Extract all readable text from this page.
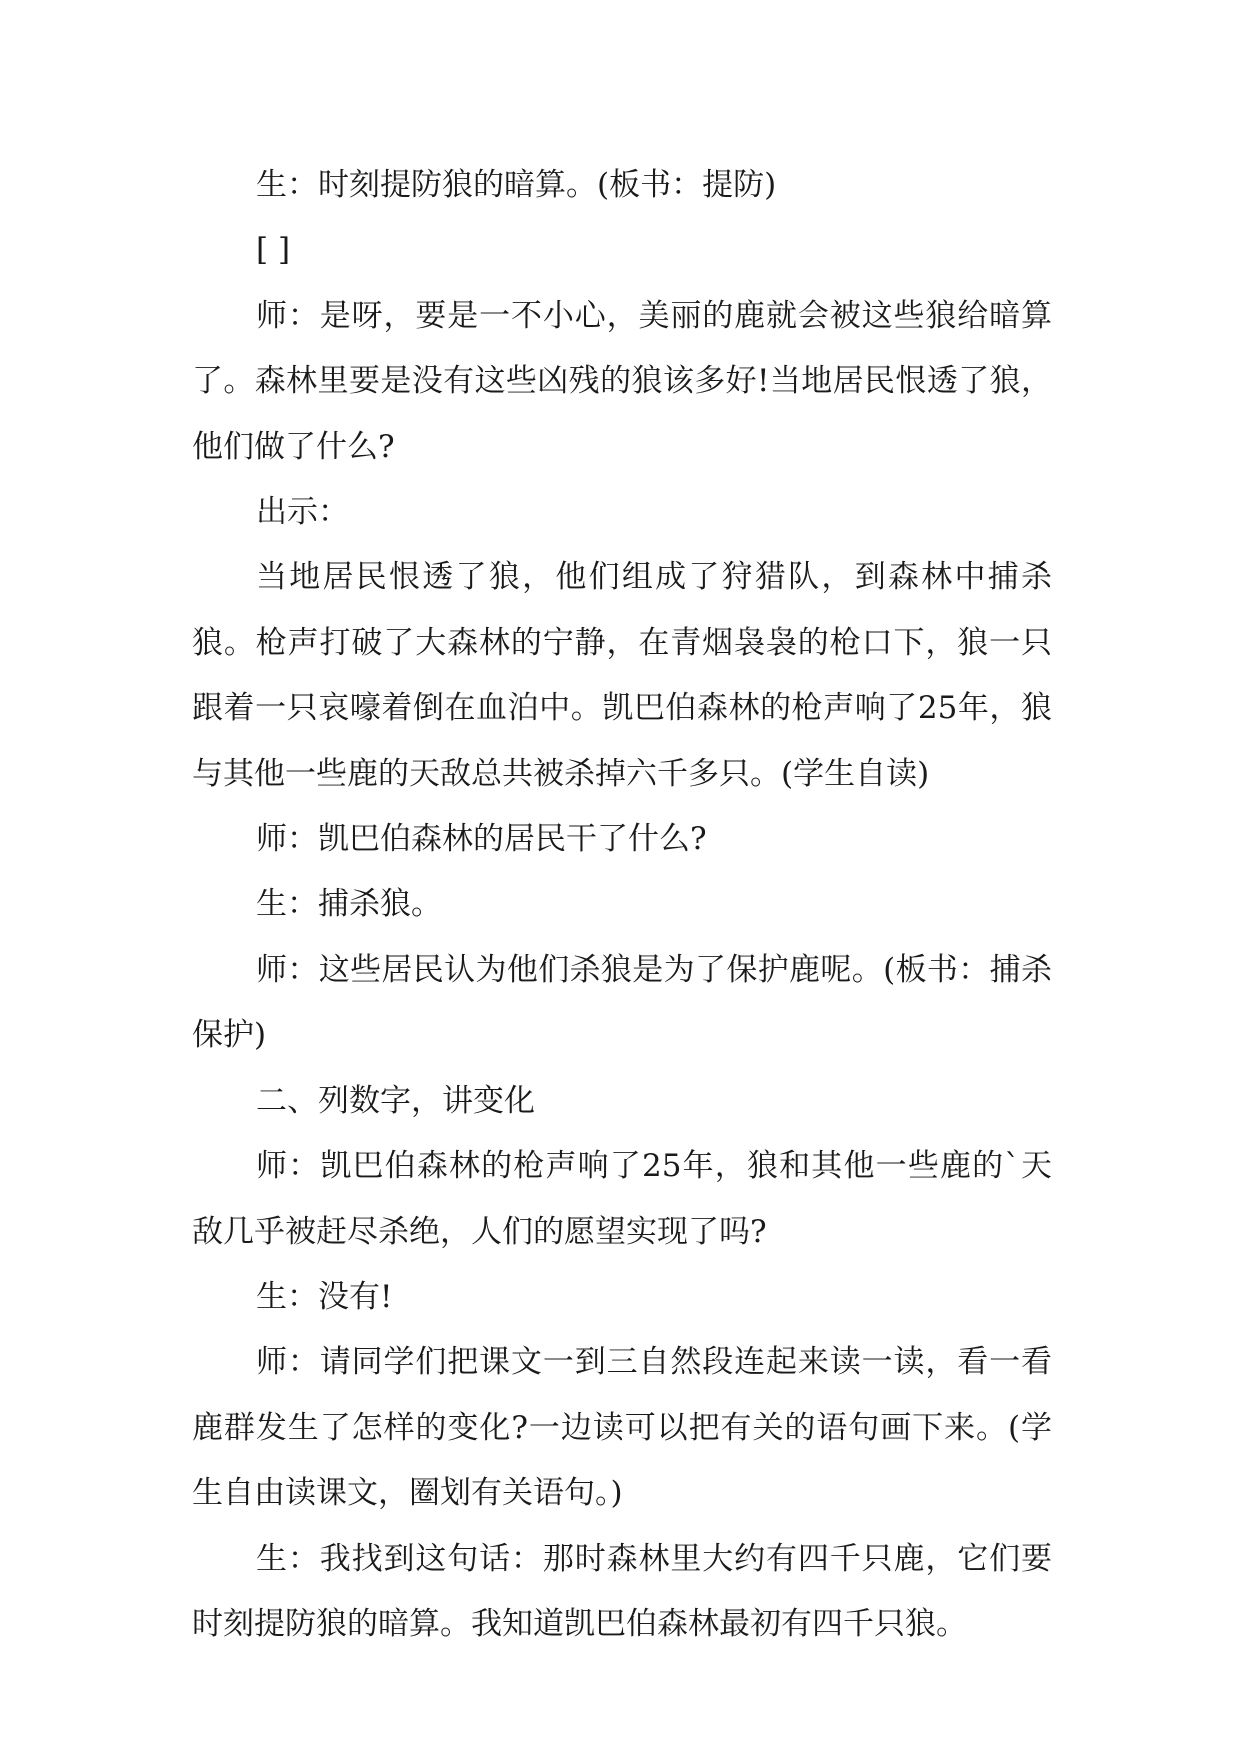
生：时刻提防狼的暗算。(板书：提防)

[ ]

师：是呀，要是一不小心，美丽的鹿就会被这些狼给暗算了。森林里要是没有这些凶残的狼该多好!当地居民恨透了狼，他们做了什么?

出示：

当地居民恨透了狼，他们组成了狩猎队，到森林中捕杀狼。枪声打破了大森林的宁静，在青烟袅袅的枪口下，狼一只跟着一只哀嚎着倒在血泊中。凯巴伯森林的枪声响了25年，狼与其他一些鹿的天敌总共被杀掉六千多只。(学生自读)

师：凯巴伯森林的居民干了什么?

生：捕杀狼。

师：这些居民认为他们杀狼是为了保护鹿呢。(板书：捕杀 保护)

二、列数字，讲变化

师：凯巴伯森林的枪声响了25年，狼和其他一些鹿的`天敌几乎被赶尽杀绝，人们的愿望实现了吗?

生：没有!

师：请同学们把课文一到三自然段连起来读一读，看一看鹿群发生了怎样的变化?一边读可以把有关的语句画下来。(学生自由读课文，圈划有关语句。)

生：我找到这句话：那时森林里大约有四千只鹿，它们要时刻提防狼的暗算。我知道凯巴伯森林最初有四千只狼。
